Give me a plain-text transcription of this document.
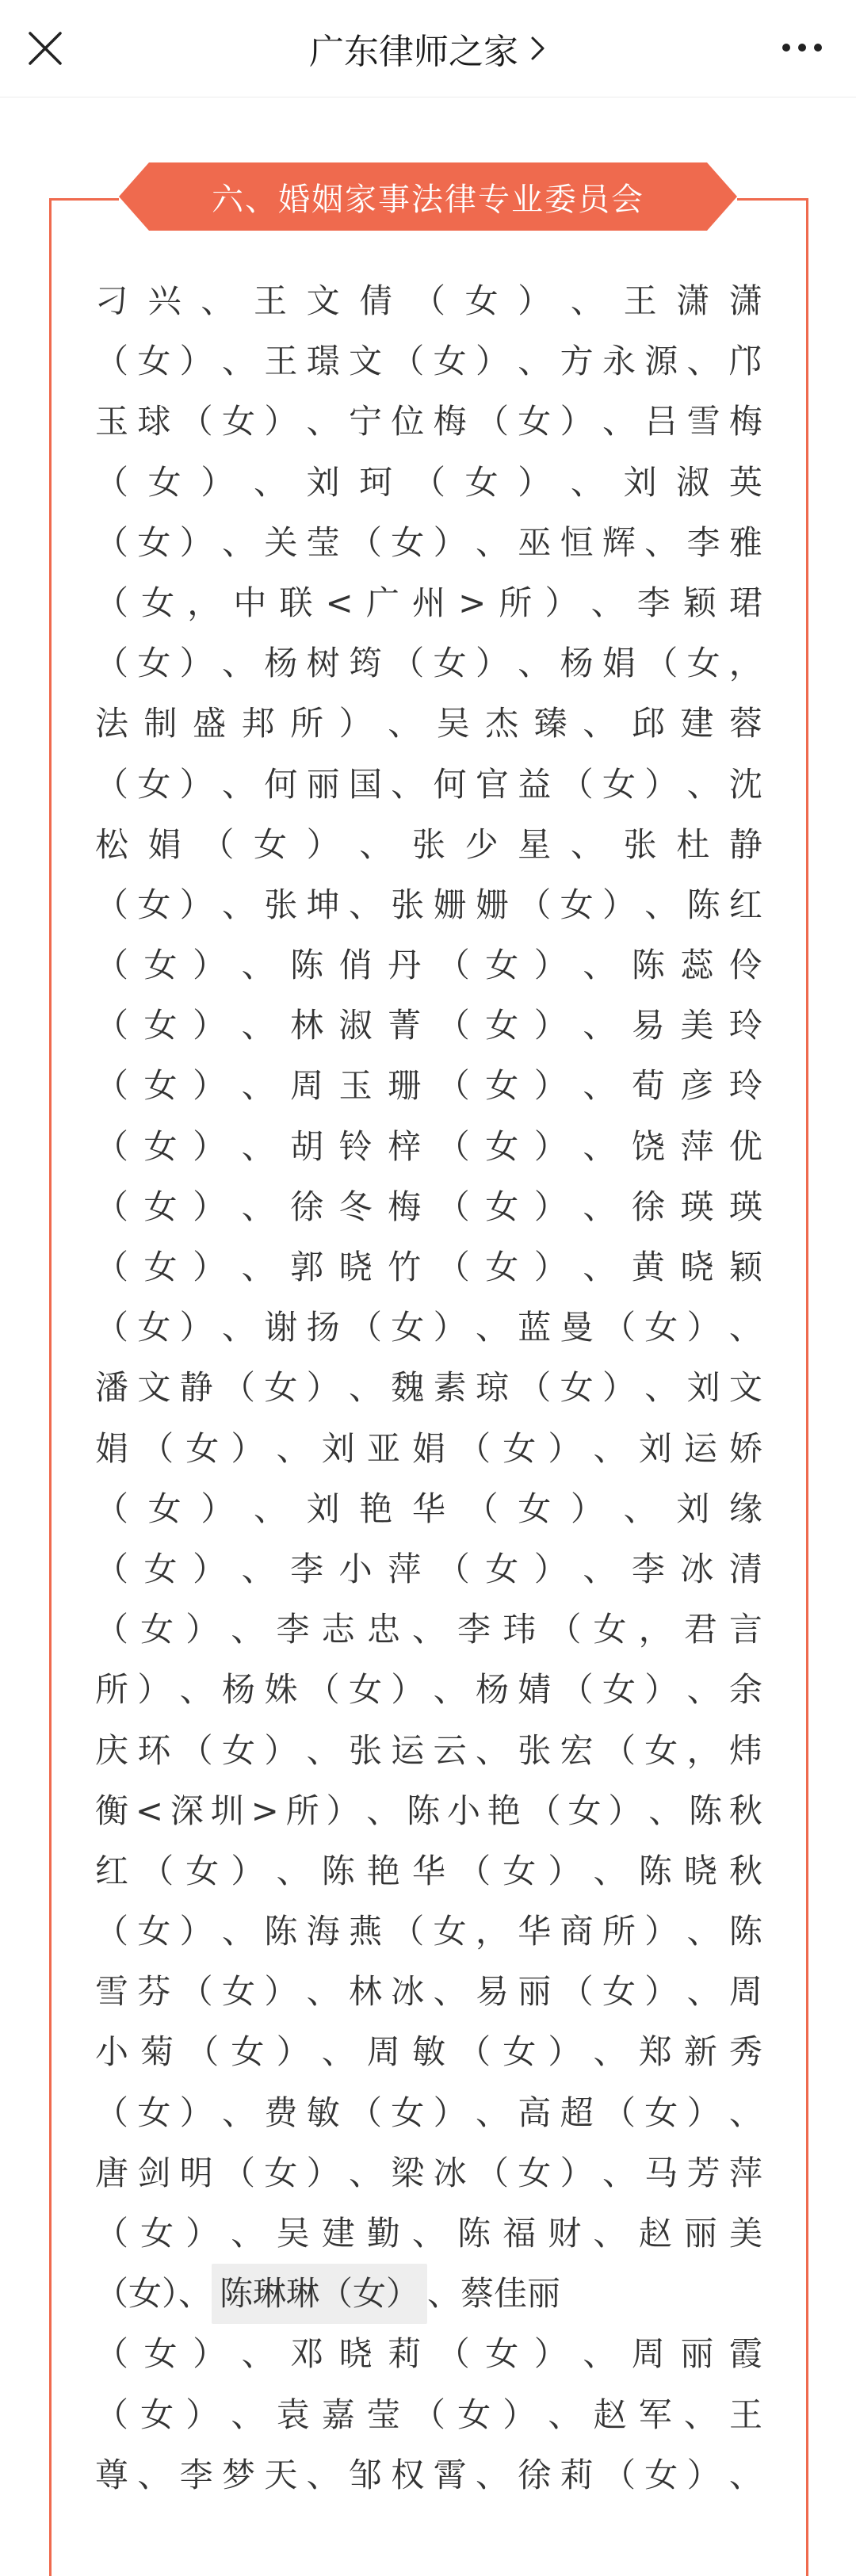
广东律师之家
六、婚姻家事法律专业委员会
刁 兴 、 王 文 倩 （ 女 ） 、 王 潇 潇
（ 女 ） 、 王 璟 文 （ 女 ） 、 方 永 源 、 邝
玉 球 （ 女 ） 、 宁 位 梅 （ 女 ） 、 吕 雪 梅
（ 女 ） 、 刘 珂 （ 女 ） 、 刘 淑 英
（ 女 ） 、 关 莹 （ 女 ） 、 巫 恒 辉 、 李 雅
（ 女 ， 中 联 < 广 州 > 所 ） 、 李 颖 珺
（ 女 ） 、 杨 树 筠 （ 女 ） 、 杨 娟 （ 女 ，
法 制 盛 邦 所 ） 、 吴 杰 臻 、 邱 建 蓉
（ 女 ） 、 何 丽 国 、 何 官 益 （ 女 ） 、 沈
松 娟 （ 女 ） 、 张 少 星 、 张 杜 静
（ 女 ） 、 张 坤 、 张 姗 姗 （ 女 ） 、 陈 红
（ 女 ） 、 陈 俏 丹 （ 女 ） 、 陈 蕊 伶
（ 女 ） 、 林 淑 菁 （ 女 ） 、 易 美 玲
（ 女 ） 、 周 玉 珊 （ 女 ） 、 荀 彦 玲
（ 女 ） 、 胡 铃 梓 （ 女 ） 、 饶 萍 优
（ 女 ） 、 徐 冬 梅 （ 女 ） 、 徐 瑛 瑛
（ 女 ） 、 郭 晓 竹 （ 女 ） 、 黄 晓 颖
（ 女 ） 、 谢 扬 （ 女 ） 、 蓝 曼 （ 女 ） 、
潘 文 静 （ 女 ） 、 魏 素 琼 （ 女 ） 、 刘 文
娟 （ 女 ） 、 刘 亚 娟 （ 女 ） 、 刘 运 娇
（ 女 ） 、 刘 艳 华 （ 女 ） 、 刘 缘
（ 女 ） 、 李 小 萍 （ 女 ） 、 李 冰 清
（ 女 ） 、 李 志 忠 、 李 玮 （ 女 ， 君 言
所 ） 、 杨 姝 （ 女 ） 、 杨 婧 （ 女 ） 、 余
庆 环 （ 女 ） 、 张 运 云 、 张 宏 （ 女 ， 炜
衡 < 深 圳 > 所 ） 、 陈 小 艳 （ 女 ） 、 陈 秋
红 （ 女 ） 、 陈 艳 华 （ 女 ） 、 陈 晓 秋
（ 女 ） 、 陈 海 燕 （ 女 ， 华 商 所 ） 、 陈
雪 芬 （ 女 ） 、 林 冰 、 易 丽 （ 女 ） 、 周
小 菊 （ 女 ） 、 周 敏 （ 女 ） 、 郑 新 秀
（ 女 ） 、 费 敏 （ 女 ） 、 高 超 （ 女 ） 、
唐 剑 明 （ 女 ） 、 梁 冰 （ 女 ） 、 马 芳 萍
（ 女 ） 、 吴 建 勤 、 陈 福 财 、 赵 丽 美
（女）、 陈琳琳（女） 、蔡佳丽
（ 女 ） 、 邓 晓 莉 （ 女 ） 、 周 丽 霞
（ 女 ） 、 袁 嘉 莹 （ 女 ） 、 赵 军 、 王
尊 、 李 梦 天 、 邹 权 霄 、 徐 莉 （ 女 ） 、
